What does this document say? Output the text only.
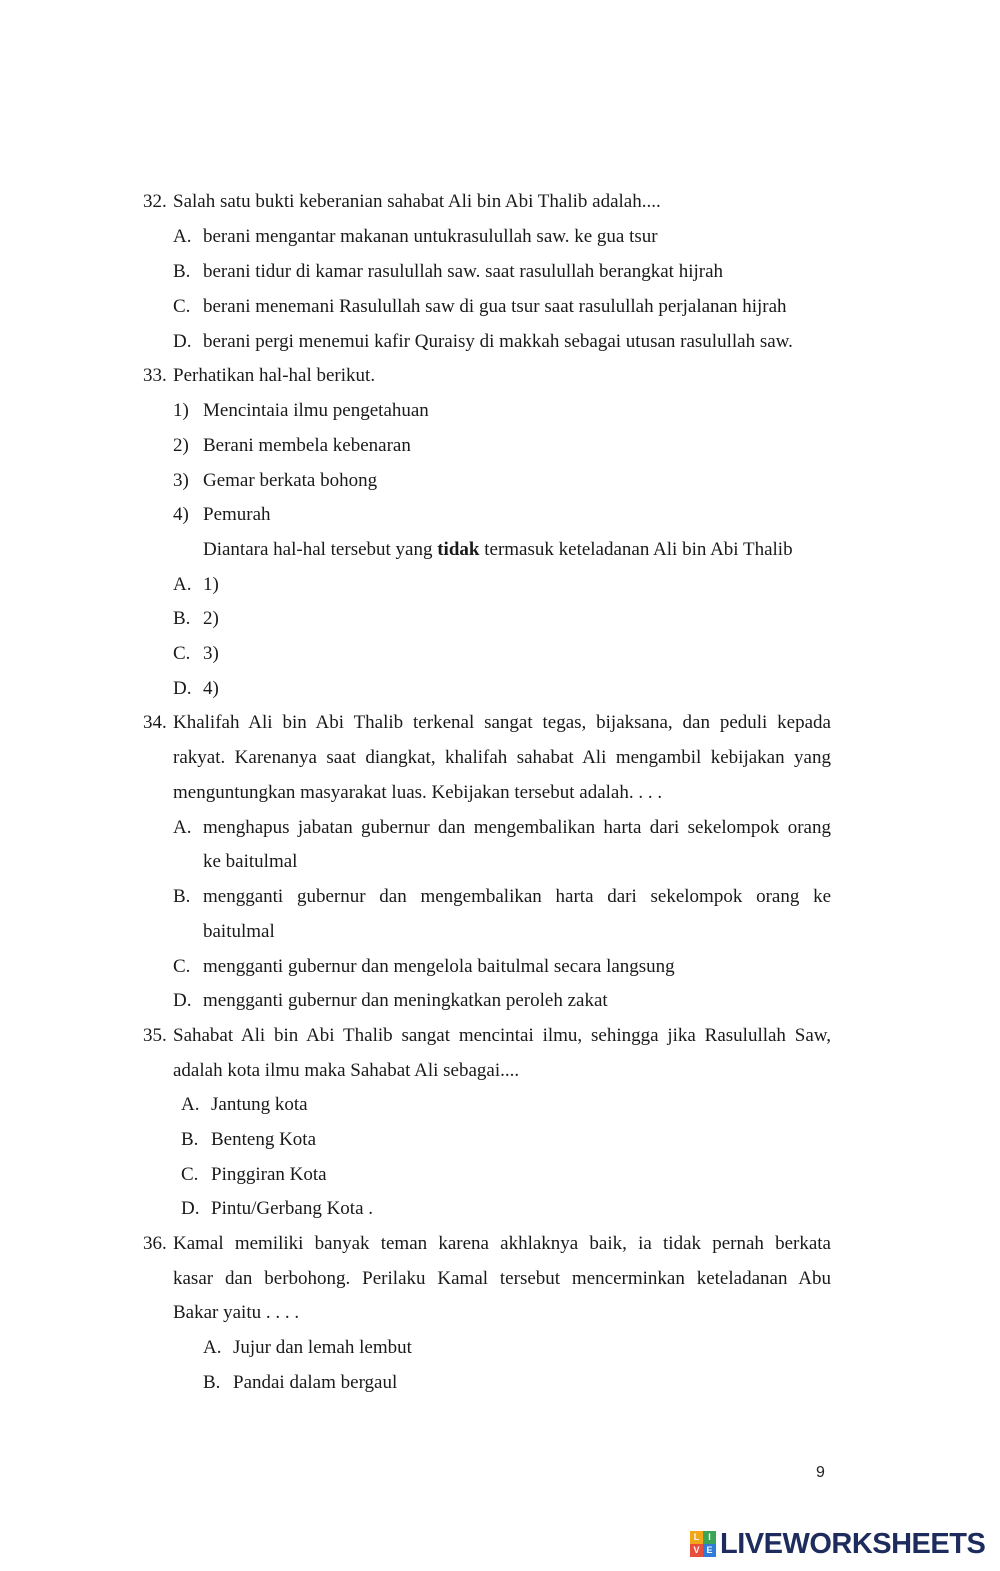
32. Salah satu bukti keberanian sahabat Ali bin Abi Thalib adalah....
A. berani mengantar makanan untukrasulullah saw. ke gua tsur
B. berani tidur di kamar rasulullah saw. saat rasulullah berangkat hijrah
C. berani menemani Rasulullah saw di gua tsur saat rasulullah perjalanan hijrah
D. berani pergi menemui kafir Quraisy di makkah sebagai utusan rasulullah saw.
33. Perhatikan hal-hal berikut.
1) Mencintaia ilmu pengetahuan
2) Berani membela kebenaran
3) Gemar berkata bohong
4) Pemurah
Diantara hal-hal tersebut yang tidak termasuk keteladanan Ali bin Abi Thalib
A. 1)
B. 2)
C. 3)
D. 4)
34. Khalifah Ali bin Abi Thalib terkenal sangat tegas, bijaksana, dan peduli kepada
rakyat. Karenanya saat diangkat, khalifah sahabat Ali mengambil kebijakan yang
menguntungkan masyarakat luas. Kebijakan tersebut adalah. . . .
A. menghapus jabatan gubernur dan mengembalikan harta dari sekelompok orang
ke baitulmal
B. mengganti gubernur dan mengembalikan harta dari sekelompok orang ke
baitulmal
C. mengganti gubernur dan mengelola baitulmal secara langsung
D. mengganti gubernur dan meningkatkan peroleh zakat
35. Sahabat Ali bin Abi Thalib sangat mencintai ilmu, sehingga jika Rasulullah Saw,
adalah kota ilmu maka Sahabat Ali sebagai....
A. Jantung kota
B. Benteng Kota
C. Pinggiran Kota
D. Pintu/Gerbang Kota .
36. Kamal memiliki banyak teman karena akhlaknya baik, ia tidak pernah berkata
kasar dan berbohong. Perilaku Kamal tersebut mencerminkan keteladanan Abu
Bakar yaitu . . . .
A. Jujur dan lemah lembut
B. Pandai dalam bergaul
9
L I
V E LIVEWORKSHEETS
